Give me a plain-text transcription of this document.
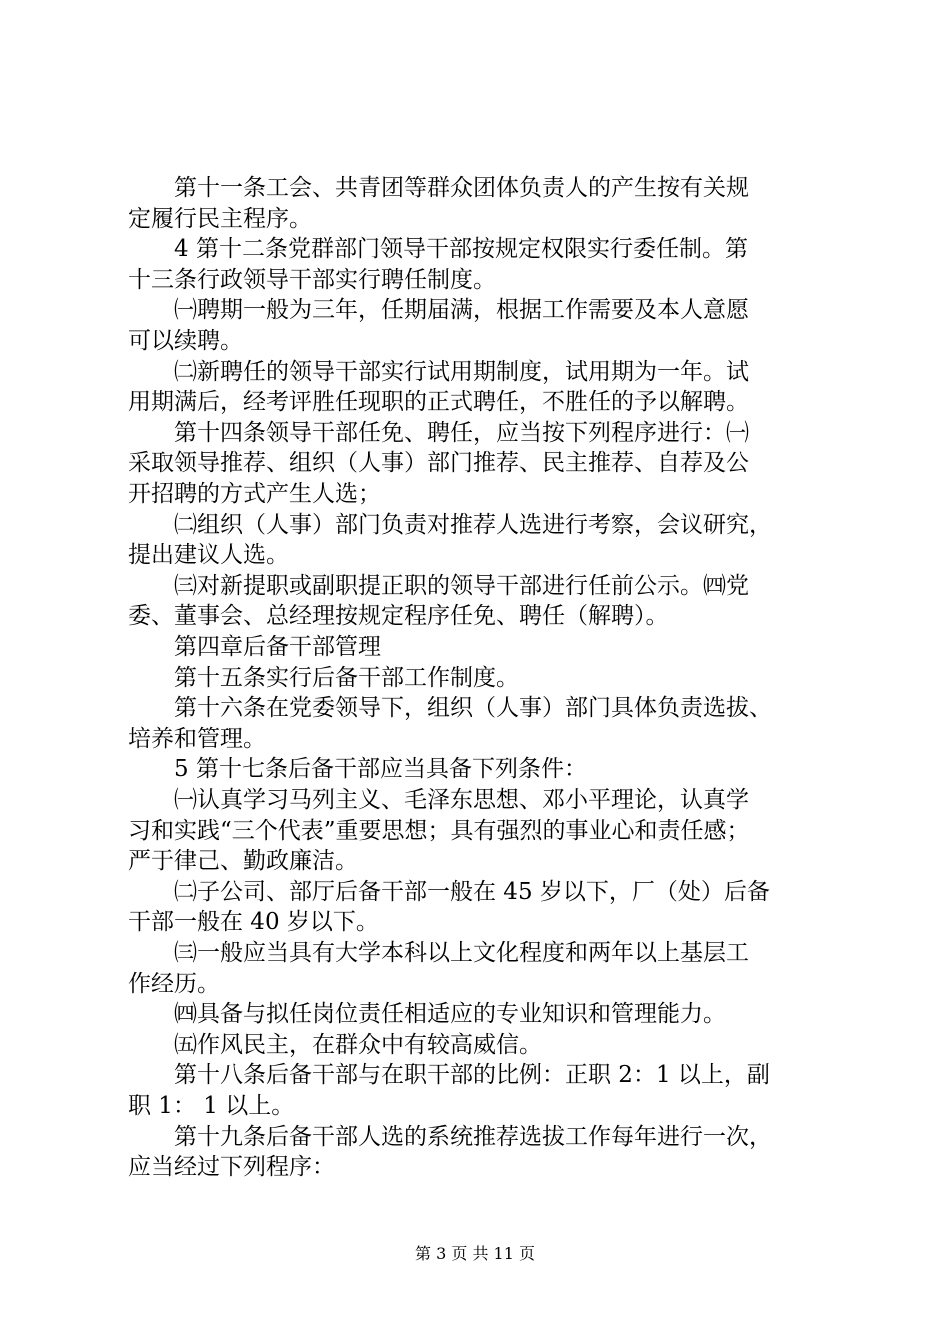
　　第十一条工会、共青团等群众团体负责人的产生按有关规
定履行民主程序。
　　4 第十二条党群部门领导干部按规定权限实行委任制。第
十三条行政领导干部实行聘任制度。
　　㈠聘期一般为三年，任期届满，根据工作需要及本人意愿
可以续聘。
　　㈡新聘任的领导干部实行试用期制度，试用期为一年。试
用期满后，经考评胜任现职的正式聘任，不胜任的予以解聘。
　　第十四条领导干部任免、聘任，应当按下列程序进行：㈠
采取领导推荐、组织（人事）部门推荐、民主推荐、自荐及公
开招聘的方式产生人选；
　　㈡组织（人事）部门负责对推荐人选进行考察，会议研究，
提出建议人选。
　　㈢对新提职或副职提正职的领导干部进行任前公示。㈣党
委、董事会、总经理按规定程序任免、聘任（解聘）。
　　第四章后备干部管理
　　第十五条实行后备干部工作制度。
　　第十六条在党委领导下，组织（人事）部门具体负责选拔、
培养和管理。
　　5 第十七条后备干部应当具备下列条件：
　　㈠认真学习马列主义、毛泽东思想、邓小平理论，认真学
习和实践“三个代表”重要思想；具有强烈的事业心和责任感；
严于律己、勤政廉洁。
　　㈡子公司、部厅后备干部一般在 45 岁以下，厂（处）后备
干部一般在 40 岁以下。
　　㈢一般应当具有大学本科以上文化程度和两年以上基层工
作经历。
　　㈣具备与拟任岗位责任相适应的专业知识和管理能力。
　　㈤作风民主，在群众中有较高威信。
　　第十八条后备干部与在职干部的比例：正职 2：1 以上，副
职 1： 1 以上。
　　第十九条后备干部人选的系统推荐选拔工作每年进行一次，
应当经过下列程序：
第 3 页 共 11 页
